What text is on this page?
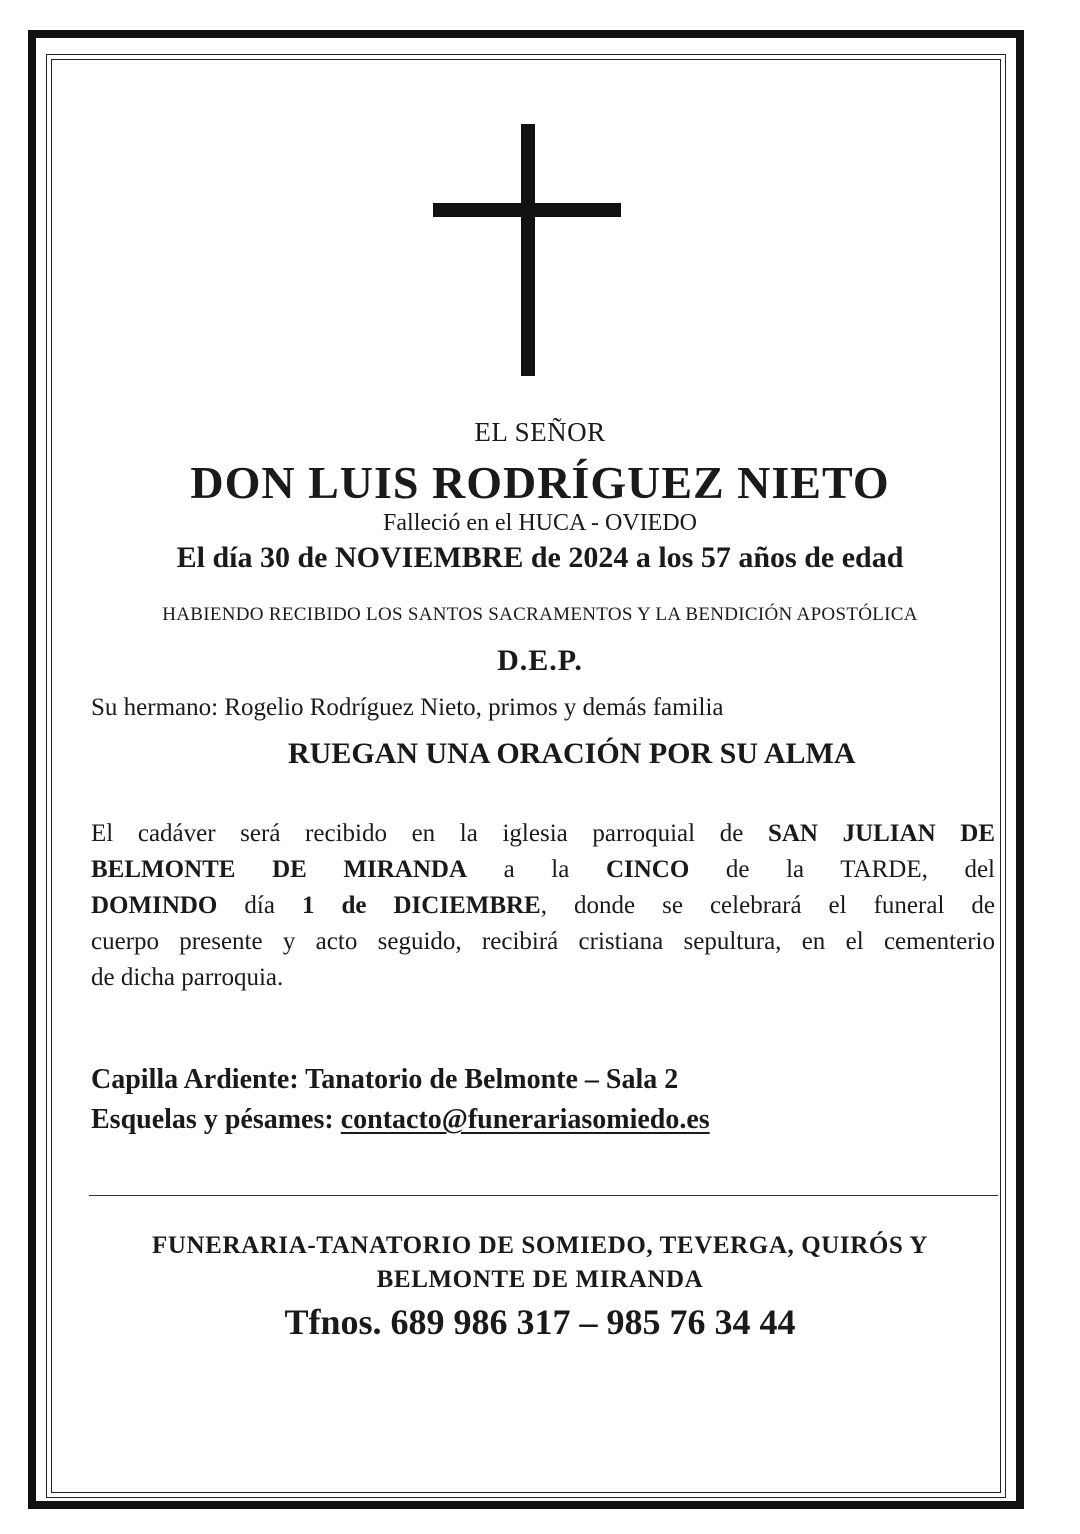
EL SEÑOR
DON LUIS RODRÍGUEZ NIETO
Falleció en el HUCA - OVIEDO
El día 30 de NOVIEMBRE de 2024 a los 57 años de edad
HABIENDO RECIBIDO LOS SANTOS SACRAMENTOS Y LA BENDICIÓN APOSTÓLICA
D.E.P.
Su hermano: Rogelio Rodríguez Nieto, primos y demás familia
RUEGAN UNA ORACIÓN POR SU ALMA
El cadáver será recibido en la iglesia parroquial de SAN JULIAN DE
BELMONTE DE MIRANDA a la CINCO de la TARDE, del
DOMINDO día 1 de DICIEMBRE, donde se celebrará el funeral de
cuerpo presente y acto seguido, recibirá cristiana sepultura, en el cementerio
de dicha parroquia.
Capilla Ardiente: Tanatorio de Belmonte – Sala 2
Esquelas y pésames: contacto@funerariasomiedo.es
FUNERARIA-TANATORIO DE SOMIEDO, TEVERGA, QUIRÓS Y
BELMONTE DE MIRANDA
Tfnos. 689 986 317 – 985 76 34 44
